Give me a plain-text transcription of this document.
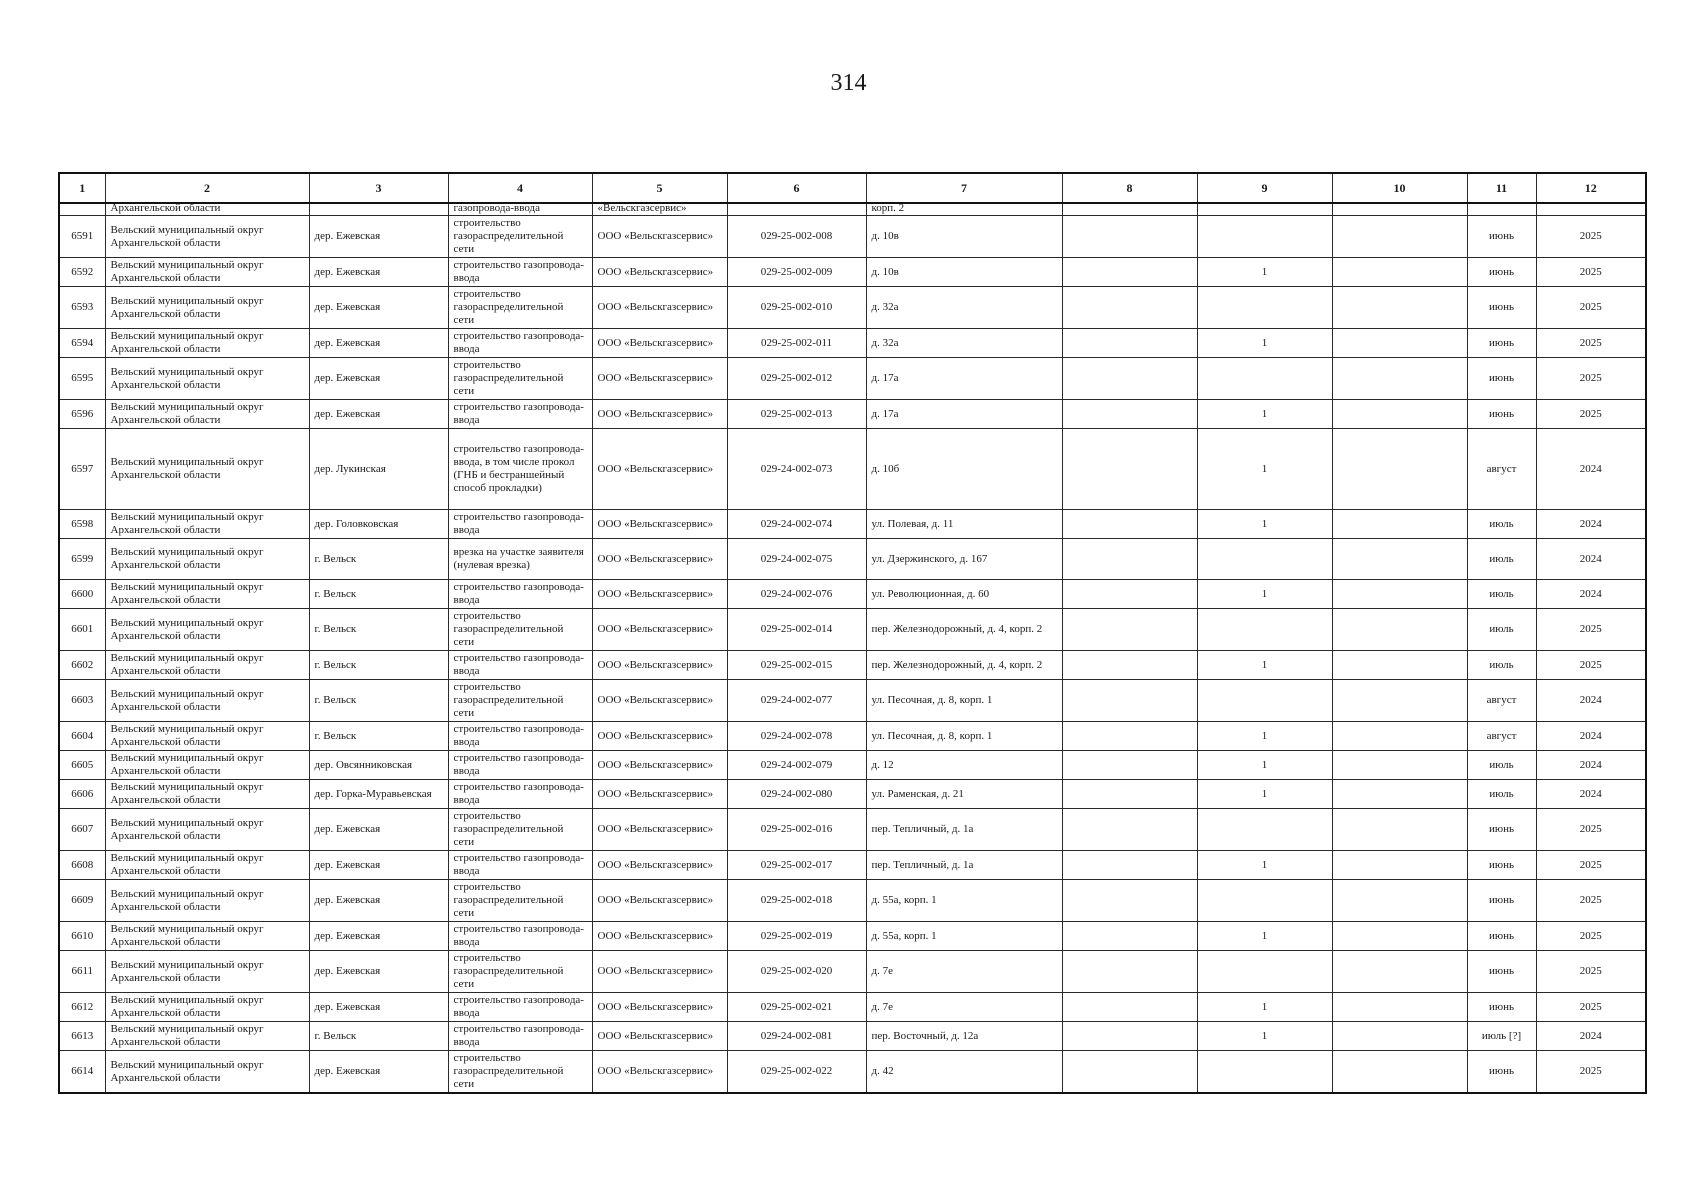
314
1	2	3	4	5	6	7	8	9	10	11	12

	Архангельской области		газопровода-ввода	«Вельскгазсервис»		корп. 2					

6591	Вельский муниципальный округ Архангельской области	дер. Ежевская	строительство газораспределительной сети	ООО «Вельскгазсервис»	029-25-002-008	д. 10в				июнь	2025
6592	Вельский муниципальный округ Архангельской области	дер. Ежевская	строительство газопровода-ввода	ООО «Вельскгазсервис»	029-25-002-009	д. 10в		1		июнь	2025
6593	Вельский муниципальный округ Архангельской области	дер. Ежевская	строительство газораспределительной сети	ООО «Вельскгазсервис»	029-25-002-010	д. 32а				июнь	2025
6594	Вельский муниципальный округ Архангельской области	дер. Ежевская	строительство газопровода-ввода	ООО «Вельскгазсервис»	029-25-002-011	д. 32а		1		июнь	2025
6595	Вельский муниципальный округ Архангельской области	дер. Ежевская	строительство газораспределительной сети	ООО «Вельскгазсервис»	029-25-002-012	д. 17а				июнь	2025
6596	Вельский муниципальный округ Архангельской области	дер. Ежевская	строительство газопровода-ввода	ООО «Вельскгазсервис»	029-25-002-013	д. 17а		1		июнь	2025
6597	Вельский муниципальный округ Архангельской области	дер. Лукинская	строительство газопровода-ввода, в том числе прокол (ГНБ и бестраншейный способ прокладки)	ООО «Вельскгазсервис»	029-24-002-073	д. 10б		1		август	2024
6598	Вельский муниципальный округ Архангельской области	дер. Головковская	строительство газопровода-ввода	ООО «Вельскгазсервис»	029-24-002-074	ул. Полевая, д. 11		1		июль	2024
6599	Вельский муниципальный округ Архангельской области	г. Вельск	врезка на участке заявителя (нулевая врезка)	ООО «Вельскгазсервис»	029-24-002-075	ул. Дзержинского, д. 167				июль	2024
6600	Вельский муниципальный округ Архангельской области	г. Вельск	строительство газопровода-ввода	ООО «Вельскгазсервис»	029-24-002-076	ул. Революционная, д. 60		1		июль	2024
6601	Вельский муниципальный округ Архангельской области	г. Вельск	строительство газораспределительной сети	ООО «Вельскгазсервис»	029-25-002-014	пер. Железнодорожный, д. 4, корп. 2				июль	2025
6602	Вельский муниципальный округ Архангельской области	г. Вельск	строительство газопровода-ввода	ООО «Вельскгазсервис»	029-25-002-015	пер. Железнодорожный, д. 4, корп. 2		1		июль	2025
6603	Вельский муниципальный округ Архангельской области	г. Вельск	строительство газораспределительной сети	ООО «Вельскгазсервис»	029-24-002-077	ул. Песочная, д. 8, корп. 1				август	2024
6604	Вельский муниципальный округ Архангельской области	г. Вельск	строительство газопровода-ввода	ООО «Вельскгазсервис»	029-24-002-078	ул. Песочная, д. 8, корп. 1		1		август	2024
6605	Вельский муниципальный округ Архангельской области	дер. Овсянниковская	строительство газопровода-ввода	ООО «Вельскгазсервис»	029-24-002-079	д. 12		1		июль	2024
6606	Вельский муниципальный округ Архангельской области	дер. Горка-Муравьевская	строительство газопровода-ввода	ООО «Вельскгазсервис»	029-24-002-080	ул. Раменская, д. 21		1		июль	2024
6607	Вельский муниципальный округ Архангельской области	дер. Ежевская	строительство газораспределительной сети	ООО «Вельскгазсервис»	029-25-002-016	пер. Тепличный, д. 1а				июнь	2025
6608	Вельский муниципальный округ Архангельской области	дер. Ежевская	строительство газопровода-ввода	ООО «Вельскгазсервис»	029-25-002-017	пер. Тепличный, д. 1а		1		июнь	2025
6609	Вельский муниципальный округ Архангельской области	дер. Ежевская	строительство газораспределительной сети	ООО «Вельскгазсервис»	029-25-002-018	д. 55а, корп. 1				июнь	2025
6610	Вельский муниципальный округ Архангельской области	дер. Ежевская	строительство газопровода-ввода	ООО «Вельскгазсервис»	029-25-002-019	д. 55а, корп. 1		1		июнь	2025
6611	Вельский муниципальный округ Архангельской области	дер. Ежевская	строительство газораспределительной сети	ООО «Вельскгазсервис»	029-25-002-020	д. 7е				июнь	2025
6612	Вельский муниципальный округ Архангельской области	дер. Ежевская	строительство газопровода-ввода	ООО «Вельскгазсервис»	029-25-002-021	д. 7е		1		июнь	2025
6613	Вельский муниципальный округ Архангельской области	г. Вельск	строительство газопровода-ввода	ООО «Вельскгазсервис»	029-24-002-081	пер. Восточный, д. 12а		1		июль [?]	2024
6614	Вельский муниципальный округ Архангельской области	дер. Ежевская	строительство газораспределительной сети	ООО «Вельскгазсервис»	029-25-002-022	д. 42				июнь	2025
